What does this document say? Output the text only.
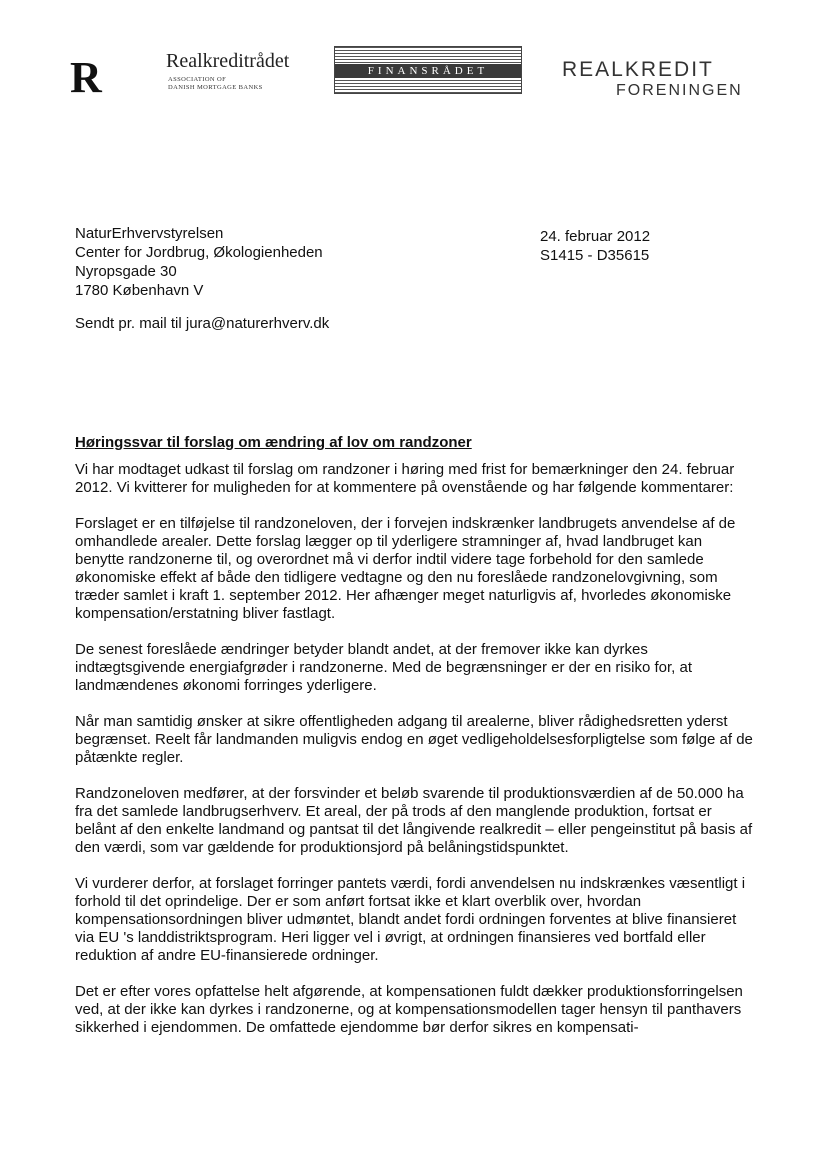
R	Realkreditrådet
ASSOCIATION OF
DANISH MORTGAGE BANKS
FINANSRÅDET	REALKREDIT
FORENINGEN
NaturErhvervstyrelsen
Center for Jordbrug, Økologienheden
Nyropsgade 30
1780 København V
24. februar 2012
S1415 - D35615
Sendt pr. mail til jura@naturerhverv.dk
Høringssvar til forslag om ændring af lov om randzoner

Vi har modtaget udkast til forslag om randzoner i høring med frist for bemærkninger den 24. februar 2012. Vi kvitterer for muligheden for at kommentere på ovenstående og har følgende kommentarer:

Forslaget er en tilføjelse til randzoneloven, der i forvejen indskrænker landbrugets anvendelse af de omhandlede arealer. Dette forslag lægger op til yderligere stramninger af, hvad landbruget kan benytte randzonerne til, og overordnet må vi derfor indtil videre tage forbehold for den samlede økonomiske effekt af både den tidligere vedtagne og den nu foreslåede randzonelovgivning, som træder samlet i kraft 1. september 2012. Her afhænger meget naturligvis af, hvorledes økonomiske kompensation/erstatning bliver fastlagt.

De senest foreslåede ændringer betyder blandt andet, at der fremover ikke kan dyrkes indtægtsgivende energiafgrøder i randzonerne. Med de begrænsninger er der en risiko for, at landmændenes økonomi forringes yderligere.

Når man samtidig ønsker at sikre offentligheden adgang til arealerne, bliver rådighedsretten yderst begrænset. Reelt får landmanden muligvis endog en øget vedligeholdelsesforpligtelse som følge af de påtænkte regler.

Randzoneloven medfører, at der forsvinder et beløb svarende til produktionsværdien af de 50.000 ha fra det samlede landbrugserhverv. Et areal, der på trods af den manglende produktion, fortsat er belånt af den enkelte landmand og pantsat til det långivende realkredit – eller pengeinstitut på basis af den værdi, som var gældende for produktionsjord på belåningstidspunktet.

Vi vurderer derfor, at forslaget forringer pantets værdi, fordi anvendelsen nu indskrænkes væsentligt i forhold til det oprindelige. Der er som anført fortsat ikke et klart overblik over, hvordan kompensationsordningen bliver udmøntet, blandt andet fordi ordningen forventes at blive finansieret via EU 's landdistriktsprogram. Heri ligger vel i øvrigt, at ordningen finansieres ved bortfald eller reduktion af andre EU-finansierede ordninger.

Det er efter vores opfattelse helt afgørende, at kompensationen fuldt dækker produktionsforringelsen ved, at der ikke kan dyrkes i randzonerne, og at kompensationsmodellen tager hensyn til panthavers sikkerhed i ejendommen. De omfattede ejendomme bør derfor sikres en kompensati-
